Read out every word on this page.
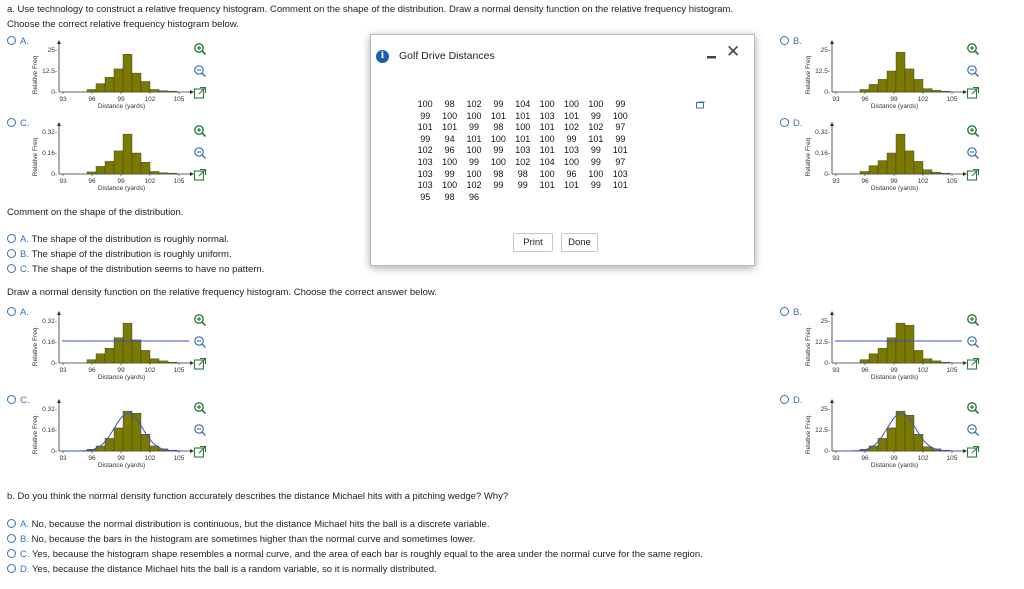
a. Use technology to construct a relative frequency histogram. Comment on the shape of the distribution. Draw a normal density function on the relative frequency histogram.
Choose the correct relative frequency histogram below.
A.
Relative Freq
25-
12.5-
0-
93	96	99	102	105
Distance (yards)
B.
Relative Freq
25-
12.5-
0-
93	96	99	102	105
Distance (yards)
C.
Relative Freq
0.32-
0.16-
0-
93	96	99	102	105
Distance (yards)
D.
Relative Freq
0.32-
0.16-
0-
93	96	99	102	105
Distance (yards)
A.
Relative Freq.
0.32-
0.16-
0-
93	96	99	102	105
Distance (yards)
B.
Relative Freq.
25-
12.5-
0-
93	96	99	102	105
Distance (yards)
C.
Relative Freq.
0.32-
0.16-
0-
93	96	99	102	105
Distance (yards)
D.
Relative Freq.
25-
12.5-
0-
93	96	99	102	105
Distance (yards)
Comment on the shape of the distribution.
A. The shape of the distribution is roughly normal.
B. The shape of the distribution is roughly uniform.
C. The shape of the distribution seems to have no pattern.
Draw a normal density function on the relative frequency histogram. Choose the correct answer below.
b. Do you think the normal density function accurately describes the distance Michael hits with a pitching wedge? Why?
A. No, because the normal distribution is continuous, but the distance Michael hits the ball is a discrete variable.
B. No, because the bars in the histogram are sometimes higher than the normal curve and sometimes lower.
C. Yes, because the histogram shape resembles a normal curve, and the area of each bar is roughly equal to the area under the normal curve for the same region.
D. Yes, because the distance Michael hits the ball is a random variable, so it is normally distributed.
i	Golf Drive Distances	✕
100	98	102	99	104	100	100	100	99
99	100	100	101	101	103	101	99	100
101	101	99	98	100	101	102	102	97
99	94	101	100	101	100	99	101	99
102	96	100	99	103	101	103	99	101
103	100	99	100	102	104	100	99	97
103	99	100	98	98	100	96	100	103
103	100	102	99	99	101	101	99	101
95	98	96
Print	Done
